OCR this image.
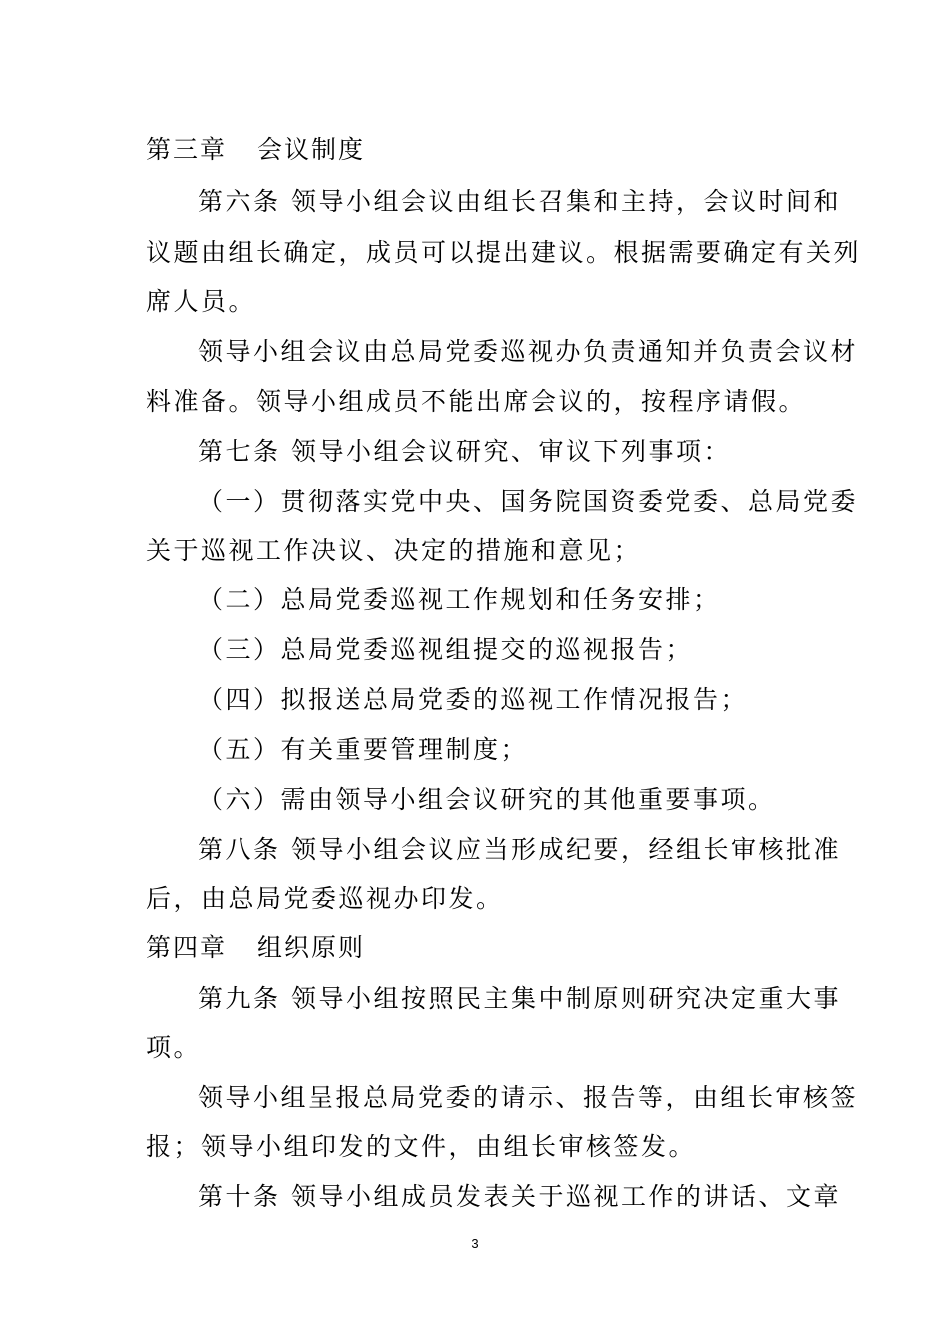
第三章 会议制度
第六条 领导小组会议由组长召集和主持，会议时间和
议题由组长确定，成员可以提出建议。根据需要确定有关列
席人员。
领导小组会议由总局党委巡视办负责通知并负责会议材
料准备。领导小组成员不能出席会议的，按程序请假。
第七条 领导小组会议研究、审议下列事项：
（一）贯彻落实党中央、国务院国资委党委、总局党委
关于巡视工作决议、决定的措施和意见；
（二）总局党委巡视工作规划和任务安排；
（三）总局党委巡视组提交的巡视报告；
（四）拟报送总局党委的巡视工作情况报告；
（五）有关重要管理制度；
（六）需由领导小组会议研究的其他重要事项。
第八条 领导小组会议应当形成纪要，经组长审核批准
后，由总局党委巡视办印发。
第四章 组织原则
第九条 领导小组按照民主集中制原则研究决定重大事
项。
领导小组呈报总局党委的请示、报告等，由组长审核签
报；领导小组印发的文件，由组长审核签发。
第十条 领导小组成员发表关于巡视工作的讲话、文章
3
